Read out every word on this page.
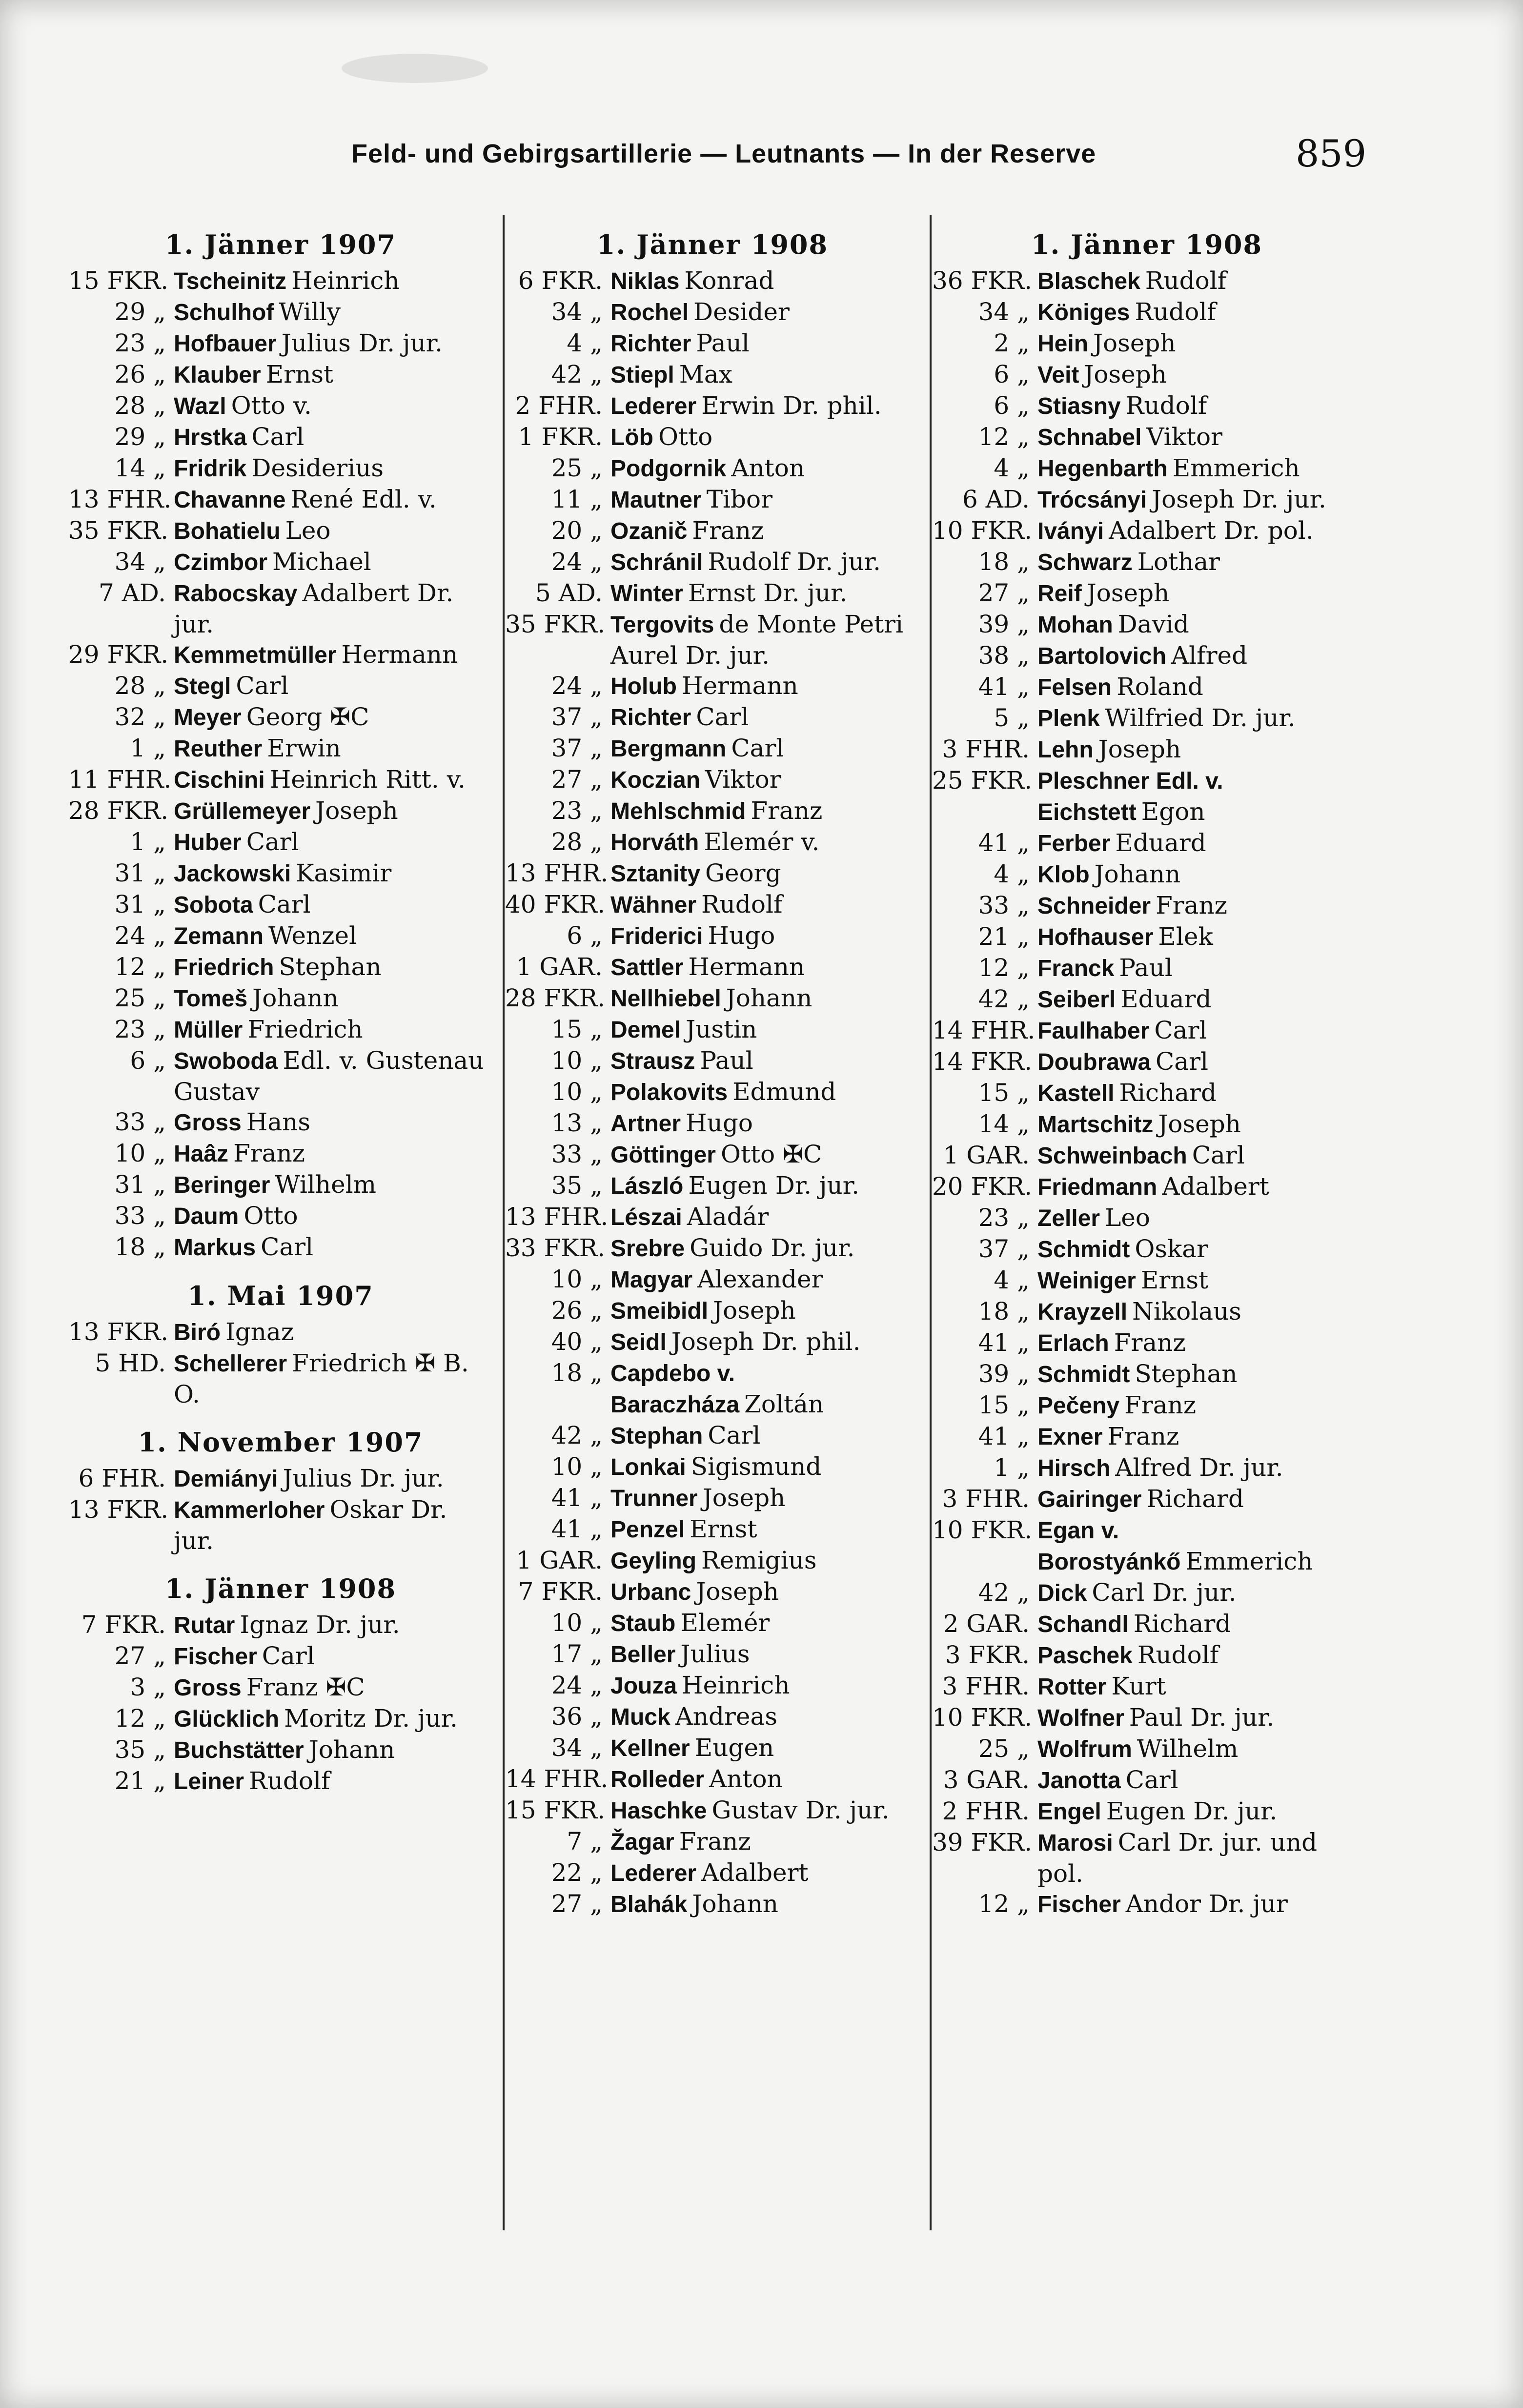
Feld- und Gebirgsartillerie — Leutnants — In der Reserve	859
1. Jänner 1907
15 FKR. Tscheinitz Heinrich
29 „ Schulhof Willy
23 „ Hofbauer Julius Dr. jur.
26 „ Klauber Ernst
28 „ Wazl Otto v.
29 „ Hrstka Carl
14 „ Fridrik Desiderius
13 FHR. Chavanne René Edl. v.
35 FKR. Bohatielu Leo
34 „ Czimbor Michael
7 AD. Rabocskay Adalbert Dr. jur.
29 FKR. Kemmetmüller Hermann
28 „ Stegl Carl
32 „ Meyer Georg ✠C
1 „ Reuther Erwin
11 FHR. Cischini Heinrich Ritt. v.
28 FKR. Grüllemeyer Joseph
1 „ Huber Carl
31 „ Jackowski Kasimir
31 „ Sobota Carl
24 „ Zemann Wenzel
12 „ Friedrich Stephan
25 „ Tomeš Johann
23 „ Müller Friedrich
6 „ Swoboda Edl. v. Gustenau Gustav
33 „ Gross Hans
10 „ Haâz Franz
31 „ Beringer Wilhelm
33 „ Daum Otto
18 „ Markus Carl
1. Mai 1907
13 FKR. Biró Ignaz
5 HD. Schellerer Friedrich ✠ B. O.
1. November 1907
6 FHR. Demiányi Julius Dr. jur.
13 FKR. Kammerloher Oskar Dr. jur.
1. Jänner 1908
7 FKR. Rutar Ignaz Dr. jur.
27 „ Fischer Carl
3 „ Gross Franz ✠C
12 „ Glücklich Moritz Dr. jur.
35 „ Buchstätter Johann
21 „ Leiner Rudolf
1. Jänner 1908
6 FKR. Niklas Konrad
34 „ Rochel Desider
4 „ Richter Paul
42 „ Stiepl Max
2 FHR. Lederer Erwin Dr. phil.
1 FKR. Löb Otto
25 „ Podgornik Anton
11 „ Mautner Tibor
20 „ Ozanič Franz
24 „ Schránil Rudolf Dr. jur.
5 AD. Winter Ernst Dr. jur.
35 FKR. Tergovits de Monte Petri Aurel Dr. jur.
24 „ Holub Hermann
37 „ Richter Carl
37 „ Bergmann Carl
27 „ Koczian Viktor
23 „ Mehlschmid Franz
28 „ Horváth Elemér v.
13 FHR. Sztanity Georg
40 FKR. Wähner Rudolf
6 „ Friderici Hugo
1 GAR. Sattler Hermann
28 FKR. Nellhiebel Johann
15 „ Demel Justin
10 „ Strausz Paul
10 „ Polakovits Edmund
13 „ Artner Hugo
33 „ Göttinger Otto ✠C
35 „ László Eugen Dr. jur.
13 FHR. Lészai Aladár
33 FKR. Srebre Guido Dr. jur.
10 „ Magyar Alexander
26 „ Smeibidl Joseph
40 „ Seidl Joseph Dr. phil.
18 „ Capdebo v. Baraczháza Zoltán
42 „ Stephan Carl
10 „ Lonkai Sigismund
41 „ Trunner Joseph
41 „ Penzel Ernst
1 GAR. Geyling Remigius
7 FKR. Urbanc Joseph
10 „ Staub Elemér
17 „ Beller Julius
24 „ Jouza Heinrich
36 „ Muck Andreas
34 „ Kellner Eugen
14 FHR. Rolleder Anton
15 FKR. Haschke Gustav Dr. jur.
7 „ Žagar Franz
22 „ Lederer Adalbert
27 „ Blahák Johann
1. Jänner 1908
36 FKR. Blaschek Rudolf
34 „ Königes Rudolf
2 „ Hein Joseph
6 „ Veit Joseph
6 „ Stiasny Rudolf
12 „ Schnabel Viktor
4 „ Hegenbarth Emmerich
6 AD. Trócsányi Joseph Dr. jur.
10 FKR. Iványi Adalbert Dr. pol.
18 „ Schwarz Lothar
27 „ Reif Joseph
39 „ Mohan David
38 „ Bartolovich Alfred
41 „ Felsen Roland
5 „ Plenk Wilfried Dr. jur.
3 FHR. Lehn Joseph
25 FKR. Pleschner Edl. v. Eichstett Egon
41 „ Ferber Eduard
4 „ Klob Johann
33 „ Schneider Franz
21 „ Hofhauser Elek
12 „ Franck Paul
42 „ Seiberl Eduard
14 FHR. Faulhaber Carl
14 FKR. Doubrawa Carl
15 „ Kastell Richard
14 „ Martschitz Joseph
1 GAR. Schweinbach Carl
20 FKR. Friedmann Adalbert
23 „ Zeller Leo
37 „ Schmidt Oskar
4 „ Weiniger Ernst
18 „ Krayzell Nikolaus
41 „ Erlach Franz
39 „ Schmidt Stephan
15 „ Pečeny Franz
41 „ Exner Franz
1 „ Hirsch Alfred Dr. jur.
3 FHR. Gairinger Richard
10 FKR. Egan v. Borostyánkő Emmerich
42 „ Dick Carl Dr. jur.
2 GAR. Schandl Richard
3 FKR. Paschek Rudolf
3 FHR. Rotter Kurt
10 FKR. Wolfner Paul Dr. jur.
25 „ Wolfrum Wilhelm
3 GAR. Janotta Carl
2 FHR. Engel Eugen Dr. jur.
39 FKR. Marosi Carl Dr. jur. und pol.
12 „ Fischer Andor Dr. jur
